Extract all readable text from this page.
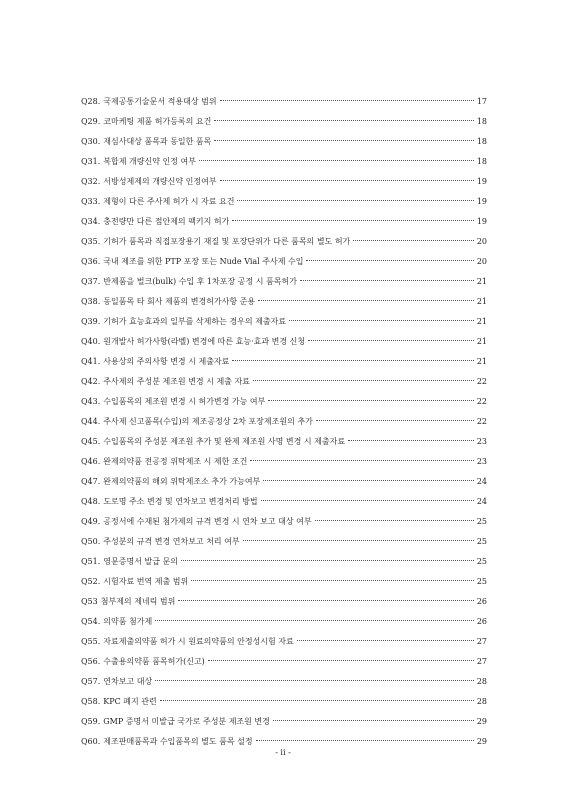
Q28. 국제공통기술문서 적용대상 범위	17
Q29. 코마케팅 제품 허가등록의 요건	18
Q30. 재심사대상 품목과 동일한 품목	18
Q31. 복합제 개량신약 인정 여부	18
Q32. 서방성제제의 개량신약 인정여부	19
Q33. 제형이 다른 주사제 허가 시 자료 요건	19
Q34. 충전량만 다른 점안제의 팩키지 허가	19
Q35. 기허가 품목과 직접포장용기 재질 및 포장단위가 다른 품목의 별도 허가	20
Q36. 국내 제조를 위한 PTP 포장 또는 Nude Vial 주사제 수입	20
Q37. 반제품을 벌크(bulk) 수입 후 1차포장 공정 시 품목허가	21
Q38. 동일품목 타 회사 제품의 변경허가사항 준용	21
Q39. 기허가 효능효과의 일부를 삭제하는 경우의 제출자료	21
Q40. 원개발사 허가사항(라벨) 변경에 따른 효능·효과 변경 신청	21
Q41. 사용상의 주의사항 변경 시 제출자료	21
Q42. 주사제의 주성분 제조원 변경 시 제출 자료	22
Q43. 수입품목의 제조원 변경 시 허가변경 가능 여부	22
Q44. 주사제 신고품목(수입)의 제조공정상 2차 포장제조원의 추가	22
Q45. 수입품목의 주성분 제조원 추가 및 완제 제조원 사명 변경 시 제출자료	23
Q46. 완제의약품 전공정 위탁제조 시 제한 조건	23
Q47. 완제의약품의 해외 위탁제조소 추가 가능여부	24
Q48. 도로명 주소 변경 및 연차보고 변경처리 방법	24
Q49. 공정서에 수재된 첨가제의 규격 변경 시 연차 보고 대상 여부	25
Q50. 주성분의 규격 변경 연차보고 처리 여부	25
Q51. 영문증명서 발급 문의	25
Q52. 시험자료 번역 제출 범위	25
Q53 첨부제의 제네릭 범위	26
Q54. 의약품 첨가제	26
Q55. 자료제출의약품 허가 시 원료의약품의 안정성시험 자료	27
Q56. 수출용의약품 품목허가(신고)	27
Q57. 연차보고 대상	28
Q58. KPC 폐지 관련	28
Q59. GMP 증명서 미발급 국가로 주성분 제조원 변경	29
Q60. 제조판매품목과 수입품목의 별도 품목 설정	29
- ii -
